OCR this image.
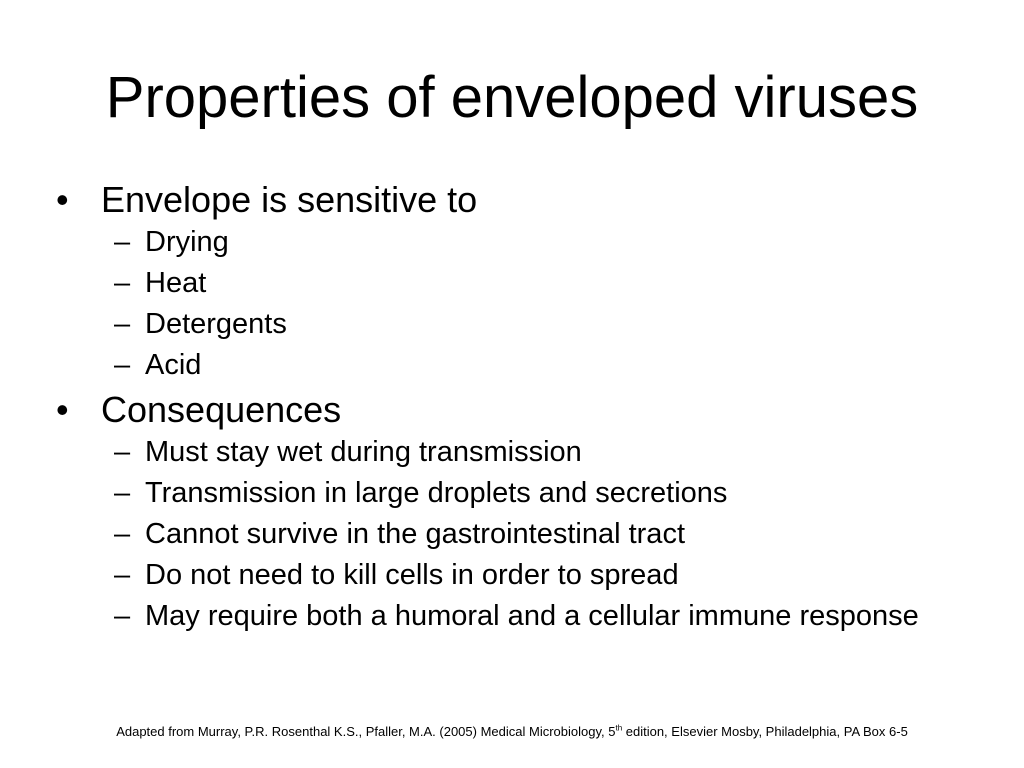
Properties of enveloped viruses
• Envelope is sensitive to
– Drying
– Heat
– Detergents
– Acid
• Consequences
– Must stay wet during transmission
– Transmission in large droplets and secretions
– Cannot survive in the gastrointestinal tract
– Do not need to kill cells in order to spread
– May require both a humoral and a cellular immune response
Adapted from Murray, P.R. Rosenthal K.S., Pfaller, M.A. (2005) Medical Microbiology, 5th edition, Elsevier Mosby, Philadelphia, PA Box 6-5
